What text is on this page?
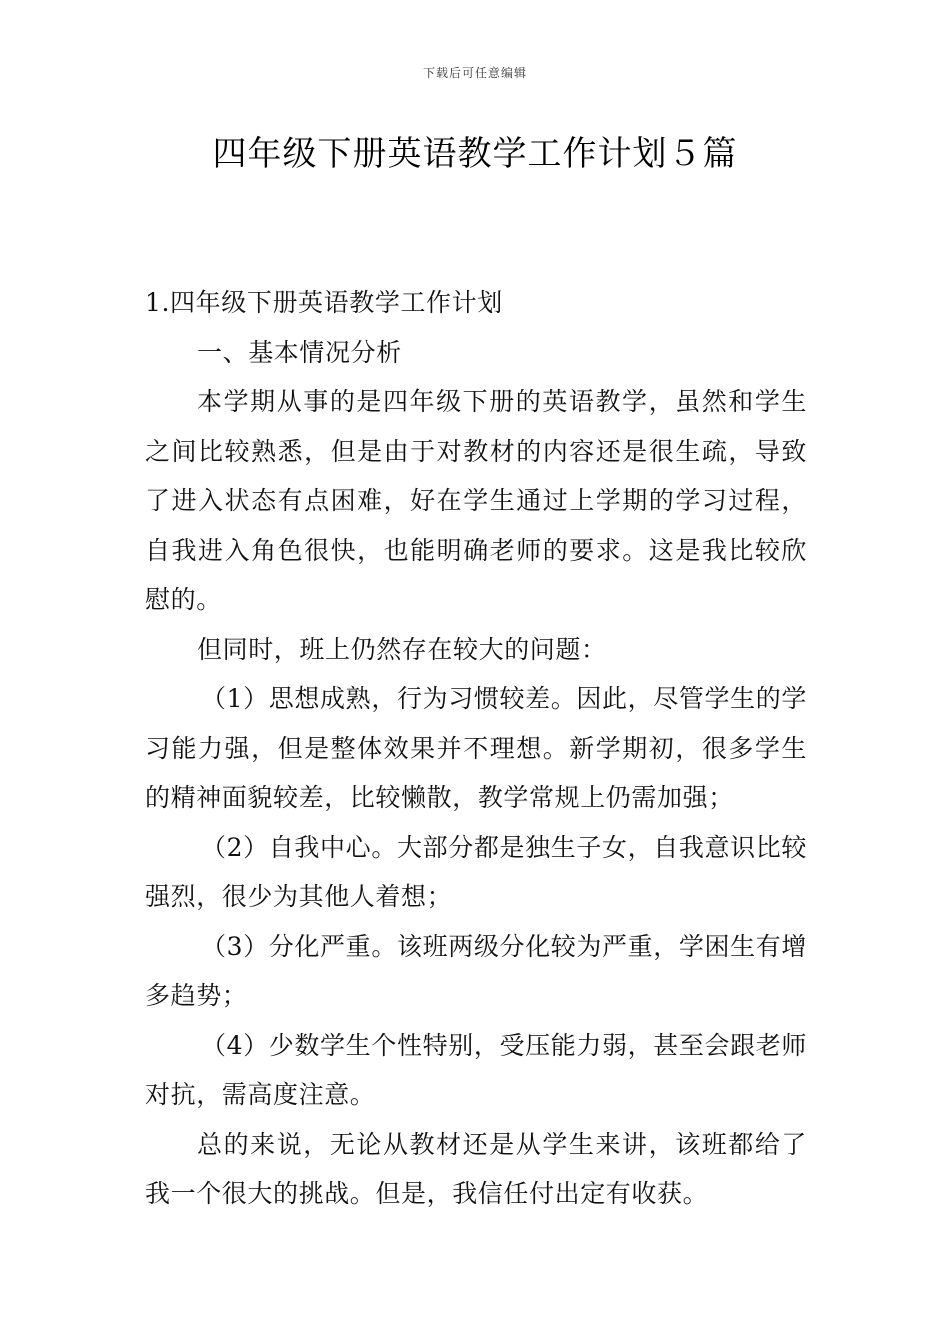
下载后可任意编辑
四年级下册英语教学工作计划５篇

1.四年级下册英语教学工作计划

一、基本情况分析

本学期从事的是四年级下册的英语教学，虽然和学生之间比较熟悉，但是由于对教材的内容还是很生疏，导致了进入状态有点困难，好在学生通过上学期的学习过程，自我进入角色很快，也能明确老师的要求。这是我比较欣慰的。

但同时，班上仍然存在较大的问题：

（1）思想成熟，行为习惯较差。因此，尽管学生的学习能力强，但是整体效果并不理想。新学期初，很多学生的精神面貌较差，比较懒散，教学常规上仍需加强；

（2）自我中心。大部分都是独生子女，自我意识比较强烈，很少为其他人着想；

（3）分化严重。该班两级分化较为严重，学困生有增多趋势；

（4）少数学生个性特别，受压能力弱，甚至会跟老师对抗，需高度注意。

总的来说，无论从教材还是从学生来讲，该班都给了我一个很大的挑战。但是，我信任付出定有收获。
